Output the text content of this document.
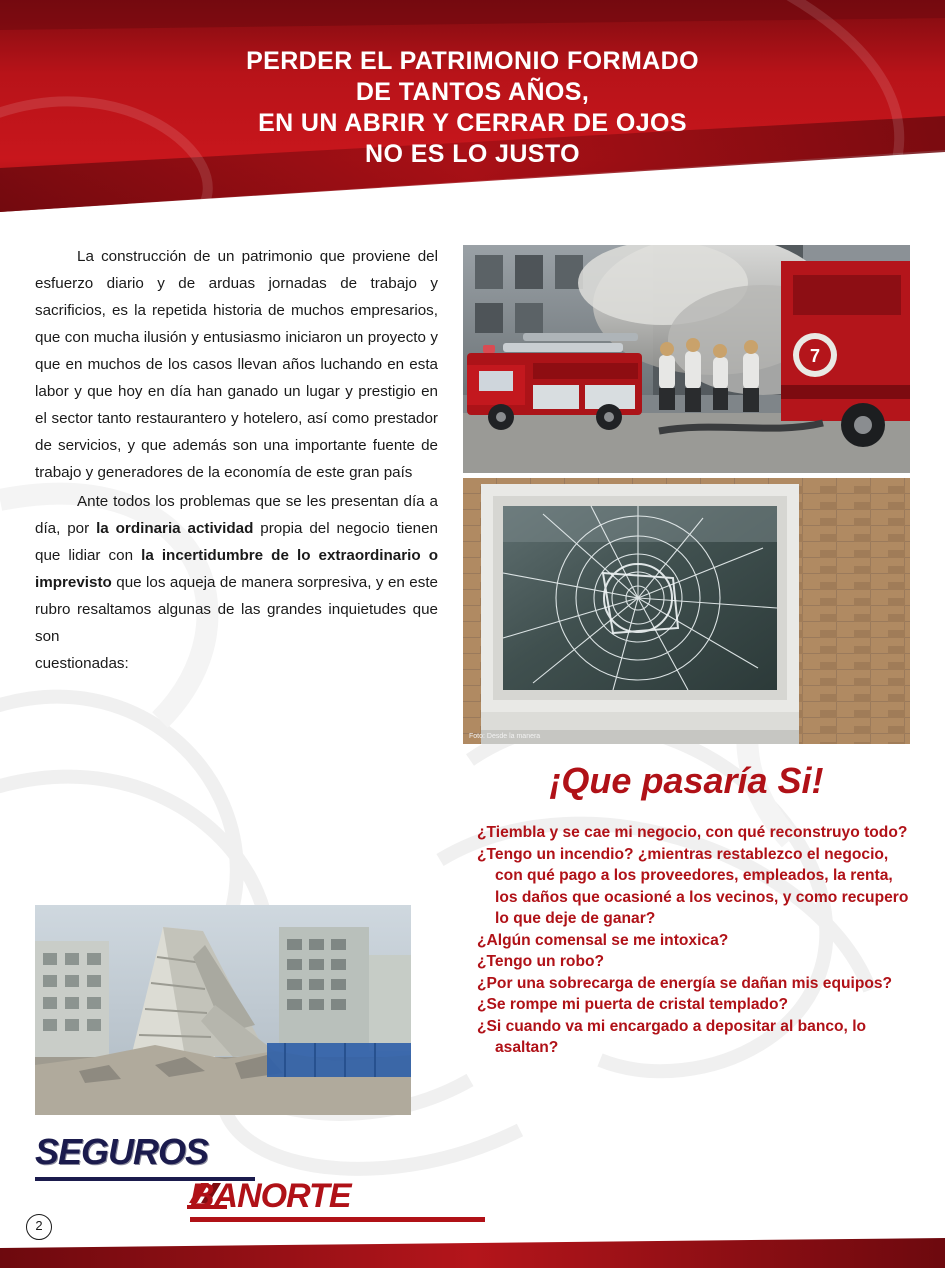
PERDER EL PATRIMONIO FORMADO
DE TANTOS AÑOS,
EN UN ABRIR Y CERRAR DE OJOS
NO ES LO JUSTO

La construcción de un patrimonio que proviene del esfuerzo diario y de arduas jornadas de trabajo y sacrificios, es la repetida historia de muchos empresarios, que con mucha ilusión y entusiasmo iniciaron un proyecto y que en muchos de los casos llevan años luchando en esta labor y que hoy en día han ganado un lugar y prestigio en el sector tanto restaurantero y hotelero, así como prestador de servicios, y que además son una importante fuente de trabajo y generadores de la economía de este gran país

Ante todos los problemas que se les presentan día a día, por la ordinaria actividad propia del negocio tienen que lidiar con la incertidumbre de lo extraordinario o imprevisto que los aqueja de manera sorpresiva, y en este rubro resaltamos algunas de las grandes inquietudes que son
cuestionadas:

7
Foto: Desde la manera
¡Que pasaría Si!

¿Tiembla y se cae mi negocio, con qué reconstruyo todo?

¿Tengo un incendio? ¿mientras restablezco el negocio, con qué pago a los proveedores, empleados, la renta, los daños que ocasioné a los vecinos, y como recupero lo que deje de ganar?

¿Algún comensal se me intoxica?

¿Tengo un robo?

¿Por una sobrecarga de energía se dañan mis equipos?

¿Se rompe mi puerta de cristal templado?

¿Si cuando va mi encargado a depositar al banco, lo asaltan?

SEGUROS
BANORTE
2
